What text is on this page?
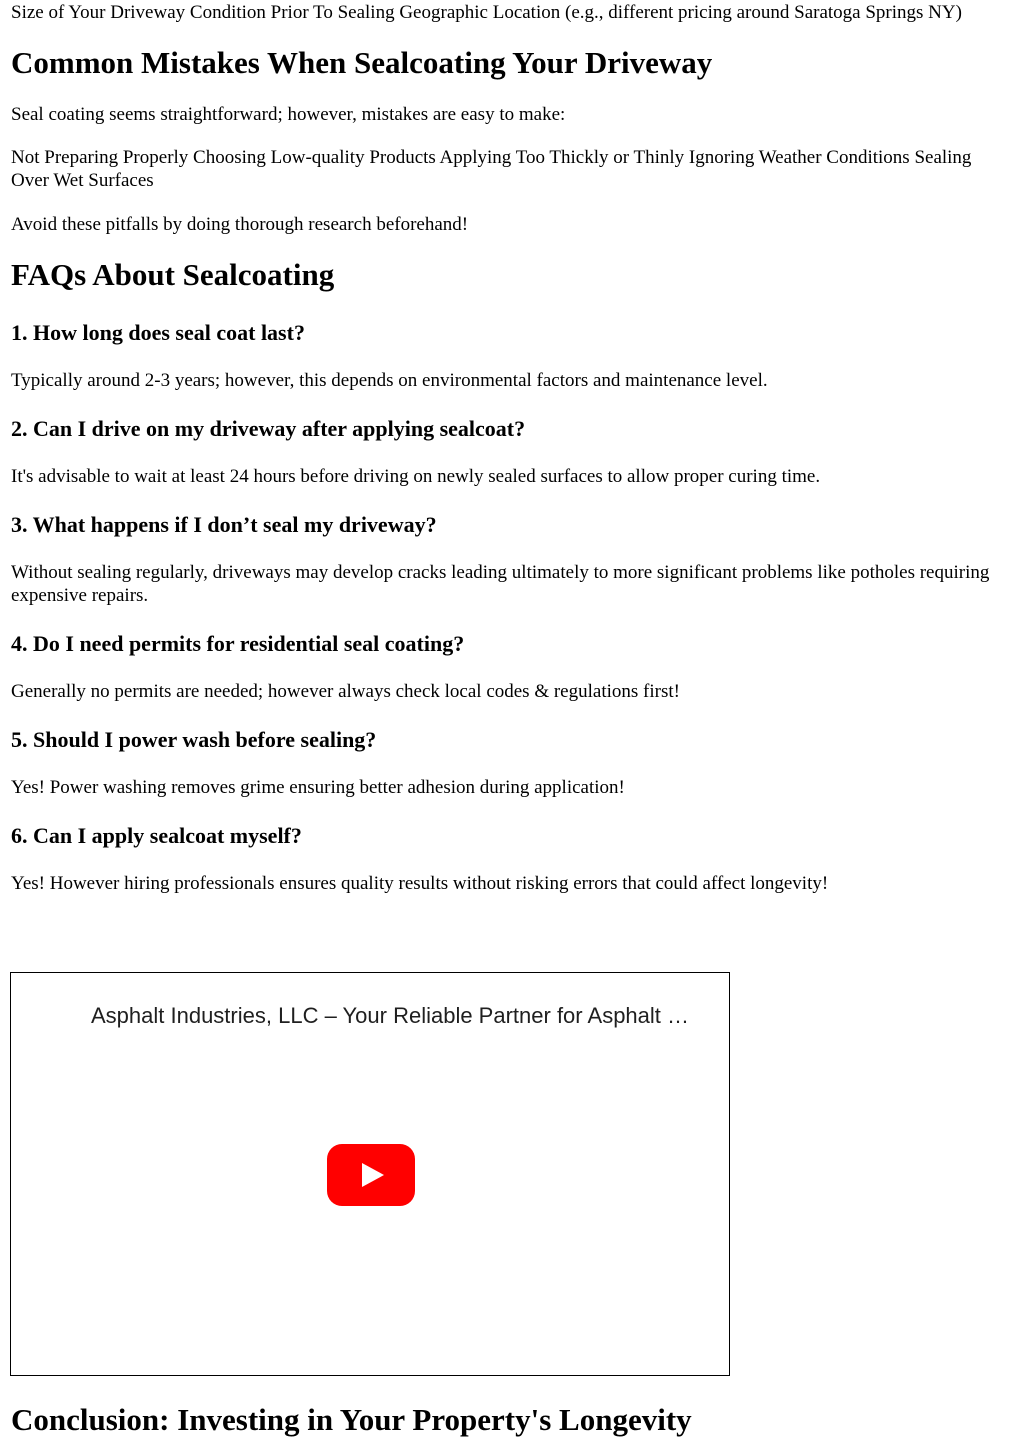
Size of Your Driveway Condition Prior To Sealing Geographic Location (e.g., different pricing around Saratoga Springs NY)

Common Mistakes When Sealcoating Your Driveway

Seal coating seems straightforward; however, mistakes are easy to make:

Not Preparing Properly Choosing Low-quality Products Applying Too Thickly or Thinly Ignoring Weather Conditions Sealing Over Wet Surfaces

Avoid these pitfalls by doing thorough research beforehand!

FAQs About Sealcoating
1. How long does seal coat last?

Typically around 2-3 years; however, this depends on environmental factors and maintenance level.

2. Can I drive on my driveway after applying sealcoat?

It's advisable to wait at least 24 hours before driving on newly sealed surfaces to allow proper curing time.

3. What happens if I don’t seal my driveway?

Without sealing regularly, driveways may develop cracks leading ultimately to more significant problems like potholes requiring expensive repairs.

4. Do I need permits for residential seal coating?

Generally no permits are needed; however always check local codes & regulations first!

5. Should I power wash before sealing?

Yes! Power washing removes grime ensuring better adhesion during application!

6. Can I apply sealcoat myself?

Yes! However hiring professionals ensures quality results without risking errors that could affect longevity!

Asphalt Industries, LLC – Your Reliable Partner for Asphalt …
Conclusion: Investing in Your Property's Longevity
